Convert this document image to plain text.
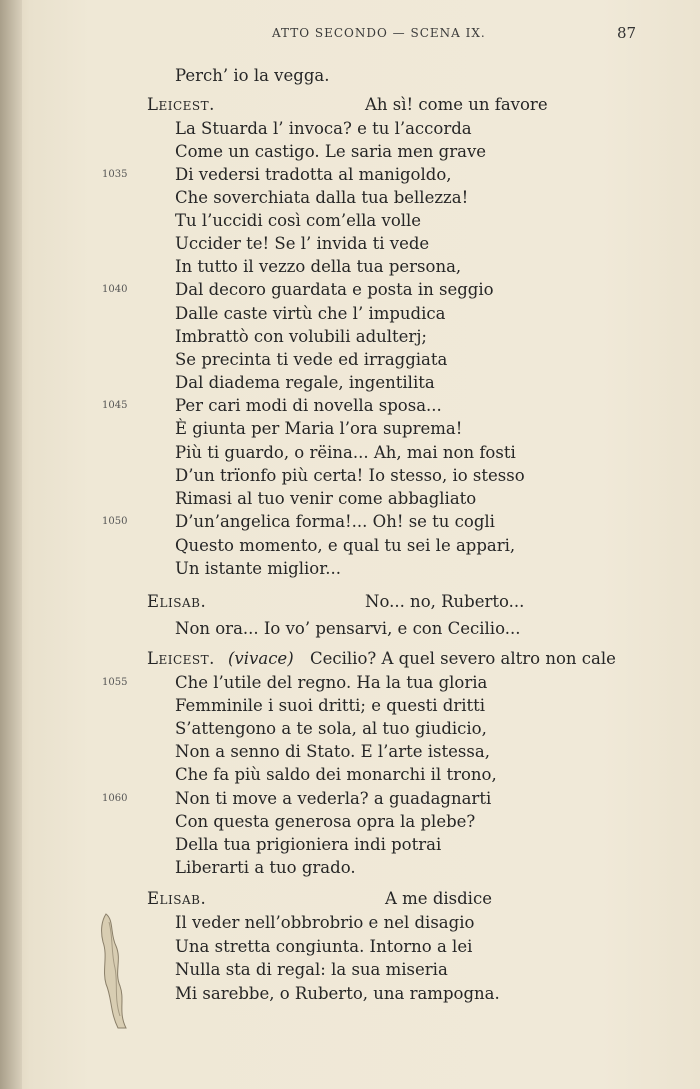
ATTO SECONDO — SCENA IX.	87
Perch’ io la vegga.
Leicest.	Ah sì! come un favore
La Stuarda l’ invoca? e tu l’accorda
Come un castigo. Le saria men grave
1035	Di vedersi tradotta al manigoldo,
Che soverchiata dalla tua bellezza!
Tu l’uccidi così com’ella volle
Uccider te! Se l’ invida ti vede
In tutto il vezzo della tua persona,
1040	Dal decoro guardata e posta in seggio
Dalle caste virtù che l’ impudica
Imbrattò con volubili adulterj;
Se precinta ti vede ed irraggiata
Dal diadema regale, ingentilita
1045	Per cari modi di novella sposa...
È giunta per Maria l’ora suprema!
Più ti guardo, o rëina... Ah, mai non fosti
D’un trïonfo più certa! Io stesso, io stesso
Rimasi al tuo venir come abbagliato
1050	D’un’angelica forma!... Oh! se tu cogli
Questo momento, e qual tu sei le appari,
Un istante miglior...
Elisab.	No... no, Ruberto...
Non ora... Io vo’ pensarvi, e con Cecilio...
Leicest. (vivace) Cecilio? A quel severo altro non cale
1055	Che l’utile del regno. Ha la tua gloria
Femminile i suoi dritti; e questi dritti
S’attengono a te sola, al tuo giudicio,
Non a senno di Stato. E l’arte istessa,
Che fa più saldo dei monarchi il trono,
1060	Non ti move a vederla? a guadagnarti
Con questa generosa opra la plebe?
Della tua prigioniera indi potrai
Liberarti a tuo grado.
Elisab.	A me disdice
Il veder nell’obbrobrio e nel disagio
Una stretta congiunta. Intorno a lei
Nulla sta di regal: la sua miseria
Mi sarebbe, o Ruberto, una rampogna.
